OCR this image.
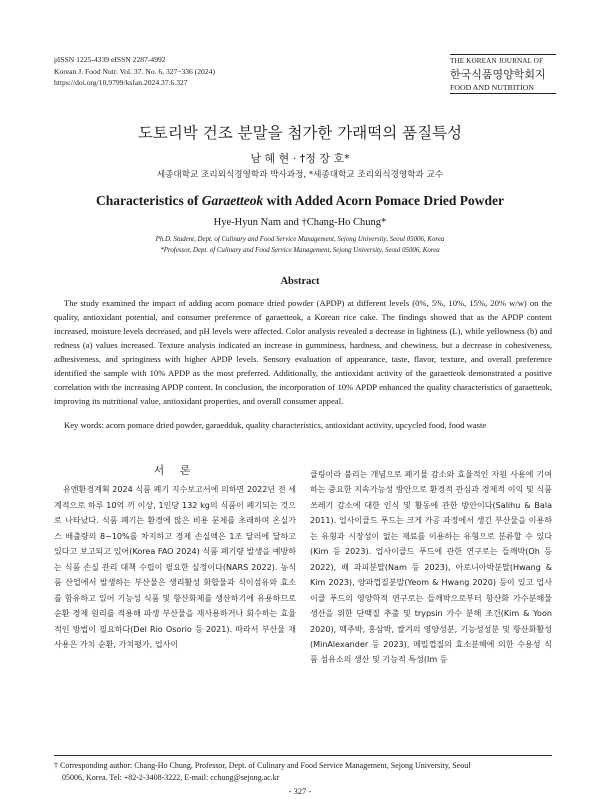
pISSN 1225-4339 eISSN 2287-4992
Korean J. Food Nutr. Vol. 37. No. 6, 327~336 (2024)
https://doi.org/10.9799/ksfan.2024.37.6.327
THE KOREAN JOURNAL OF
한국식품영양학회지
FOOD AND NUTRITION
도토리박 건조 분말을 첨가한 가래떡의 품질특성
남 혜 현 · †정 장 호*
세종대학교 조리외식경영학과 박사과정, *세종대학교 조리외식경영학과 교수
Characteristics of Garaetteok with Added Acorn Pomace Dried Powder
Hye-Hyun Nam and †Chang-Ho Chung*
Ph.D. Student, Dept. of Culinary and Food Service Management, Sejong University, Seoul 05006, Korea
*Professor, Dept. of Culinary and Food Service Management, Sejong University, Seoul 05006, Korea
Abstract

The study examined the impact of adding acorn pomace dried powder (APDP) at different levels (0%, 5%, 10%, 15%, 20% w/w) on the quality, antioxidant potential, and consumer preference of garaetteok, a Korean rice cake. The findings showed that as the APDP content increased, moisture levels decreased, and pH levels were affected. Color analysis revealed a decrease in lightness (L), while yellowness (b) and redness (a) values increased. Texture analysis indicated an increase in gumminess, hardness, and chewiness, but a decrease in cohesiveness, adhesiveness, and springiness with higher APDP levels. Sensory evaluation of appearance, taste, flavor, texture, and overall preference identified the sample with 10% APDP as the most preferred. Additionally, the antioxidant activity of the garaetteok demonstrated a positive correlation with the increasing APDP content. In conclusion, the incorporation of 10% APDP enhanced the quality characteristics of garaetteok, improving its nutritional value, antioxidant properties, and overall consumer appeal.

Key words: acorn pomace dried powder, garaedduk, quality characteristics, antioxidant activity, upcycled food, food waste

서 론

유엔환경계획 2024 식품 폐기 지수보고서에 의하면 2022년 전 세계적으로 하루 10억 끼 이상, 1인당 132 kg의 식품이 폐기되는 것으로 나타났다. 식품 폐기는 환경에 많은 비용 문제를 초래하며 온실가스 배출량의 8~10%를 차지하고 경제 손실액은 1조 달러에 달하고 있다고 보고되고 있어(Korea FAO 2024) 식품 폐기량 발생을 예방하는 식품 손실 관리 대책 수립이 필요한 실정이다(NARS 2022). 농식품 산업에서 발생하는 부산물은 생리활성 화합물과 식이섬유와 효소를 함유하고 있어 기능성 식품 및 항산화제를 생산하기에 유용하므로 순환 경제 원리를 적용해 파생 부산물을 재사용하거나 회수하는 효율적인 방법이 필요하다(Del Rio Osorio 등 2021). 따라서 부산물 재사용은 가치 순환, 가치평가, 업사이

클링이라 불리는 개념으로 폐기물 감소와 효율적인 자원 사용에 기여하는 중요한 지속가능성 방안으로 환경적 관심과 경제적 이익 및 식품 쓰레기 감소에 대한 인식 및 활동에 관한 방안이다(Salihu & Bala 2011). 업사이클드 푸드는 크게 가공 과정에서 생긴 부산물을 이용하는 유형과 시장성이 없는 재료를 이용하는 유형으로 분류할 수 있다(Kim 등 2023). 업사이클드 푸드에 관한 연구로는 들깨박(Oh 등 2022), 배 과피분말(Nam 등 2023), 아로니아박분말(Hwang & Kim 2023), 양파껍질분말(Yeom & Hwang 2020) 등이 있고 업사이클 푸드의 영양학적 연구로는 들깨박으로부터 항산화 가수분해물 생산을 위한 단백질 추출 및 trypsin 가수 분해 조건(Kim & Yoon 2020), 맥주박, 홍삼박, 쌀겨의 영양성분, 기능성성분 및 항산화활성(MinAlexander 등 2023), 메밀껍질의 효소분해에 의한 수용성 식품 섬유소의 생산 및 기능적 특성(Im 등

† Corresponding author: Chang-Ho Chung, Professor, Dept. of Culinary and Food Service Management, Sejong University, Seoul
05006, Korea. Tel: +82-2-3408-3222, E-mail: cchung@sejong.ac.kr
- 327 -
